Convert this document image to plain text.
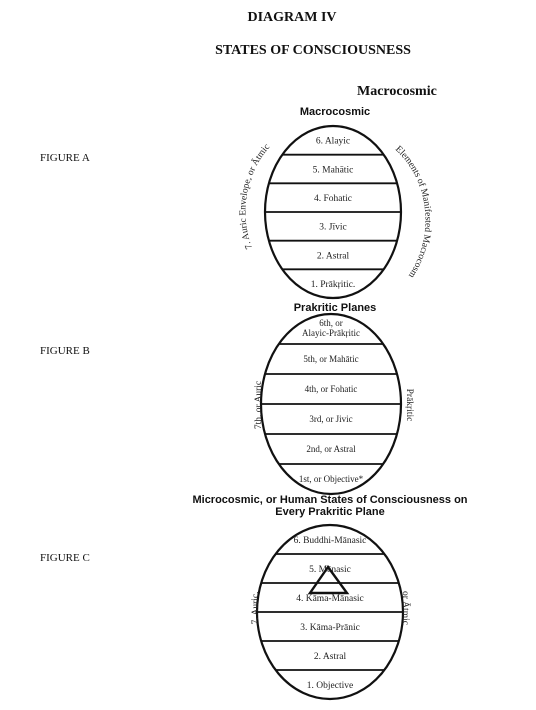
DIAGRAM IV
STATES OF CONSCIOUSNESS
Macrocosmic
FIGURE A
FIGURE B
FIGURE C
Macrocosmic
Prakritic Planes
Microcosmic, or Human States of Consciousness on
Every Prakritic Plane
6. Alayic
5. Mahātic
4. Fohatic
3. Jīvic
2. Astral
1. Prākŗitic.
6th, or Alayic-Prākŗitic
5th, or Mahātic
4th, or Fohatic
3rd, or Jivic
2nd, or Astral
1st, or Objective*
6. Buddhi-Mānasic
5. Mānasic
4. Kāma-Mānasic
3. Kāma-Prānic
2. Astral
1. Objective
7. Auric Envelope, or Ātmic	Elements of Manifested Macrocosm
7th, or Auric	Prākŗitic
7. Auric,	or Ātmic
